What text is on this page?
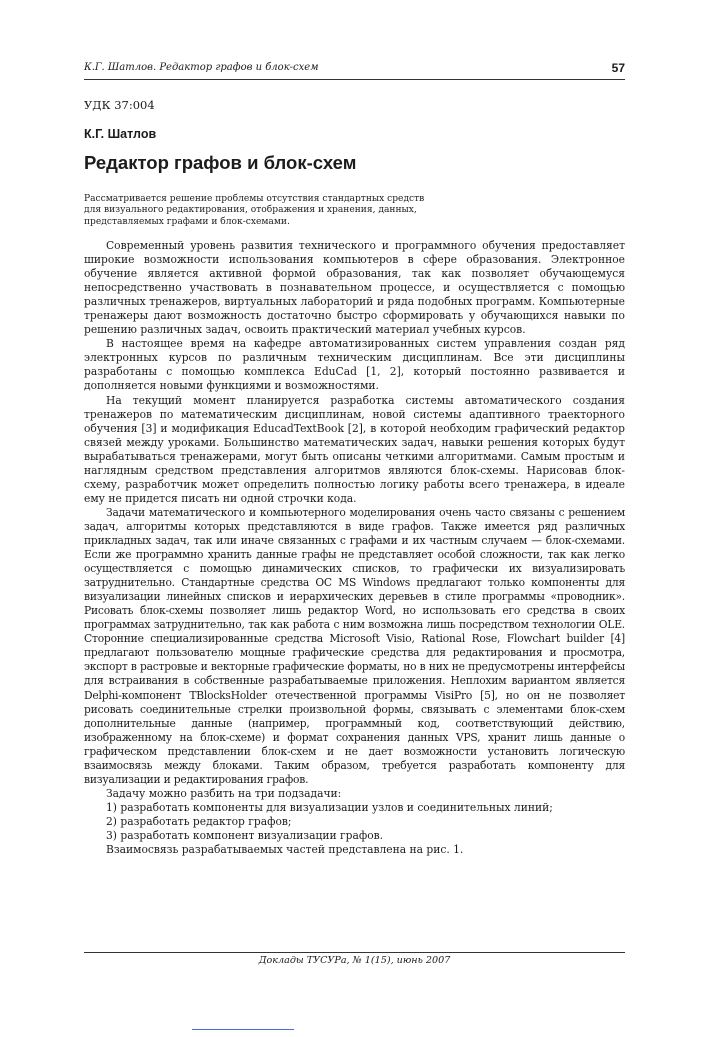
К.Г. Шатлов. Редактор графов и блок-схем	57
УДК 37:004
К.Г. Шатлов
Редактор графов и блок-схем
Рассматривается решение проблемы отсутствия стандартных средств
для визуального редактирования, отображения и хранения, данных,
представляемых графами и блок-схемами.

Современный уровень развития технического и программного обучения предоставляет широкие возможности использования компьютеров в сфере образования. Электронное обучение является активной формой образования, так как позволяет обучающемуся непосредственно участвовать в познавательном процессе, и осуществляется с помощью различных тренажеров, виртуальных лабораторий и ряда подобных программ. Компьютерные тренажеры дают возможность достаточно быстро сформировать у обучающихся навыки по решению различных задач, освоить практический материал учебных курсов.

В настоящее время на кафедре автоматизированных систем управления создан ряд электронных курсов по различным техническим дисциплинам. Все эти дисциплины разработаны с помощью комплекса EduCad [1, 2], который постоянно развивается и дополняется новыми функциями и возможностями.

На текущий момент планируется разработка системы автоматического создания тренажеров по математическим дисциплинам, новой системы адаптивного траекторного обучения [3] и модификация EducadTextBook [2], в которой необходим графический редактор связей между уроками. Большинство математических задач, навыки решения которых будут вырабатываться тренажерами, могут быть описаны четкими алгоритмами. Самым простым и наглядным средством представления алгоритмов являются блок-схемы. Нарисовав блок-схему, разработчик может определить полностью логику работы всего тренажера, в идеале ему не придется писать ни одной строчки кода.

Задачи математического и компьютерного моделирования очень часто связаны с решением задач, алгоритмы которых представляются в виде графов. Также имеется ряд различных прикладных задач, так или иначе связанных с графами и их частным случаем — блок-схемами. Если же программно хранить данные графы не представляет особой сложности, так как легко осуществляется с помощью динамических списков, то графически их визуализировать затруднительно. Стандартные средства ОС MS Windows предлагают только компоненты для визуализации линейных списков и иерархических деревьев в стиле программы «проводник». Рисовать блок-схемы позволяет лишь редактор Word, но использовать его средства в своих программах затруднительно, так как работа с ним возможна лишь посредством технологии OLE. Сторонние специализированные средства Microsoft Visio, Rational Rose, Flowchart builder [4] предлагают пользователю мощные графические средства для редактирования и просмотра, экспорт в растровые и векторные графические форматы, но в них не предусмотрены интерфейсы для встраивания в собственные разрабатываемые приложения. Неплохим вариантом является Delphi-компонент TBlocksHolder отечественной программы VisiPro [5], но он не позволяет рисовать соединительные стрелки произвольной формы, связывать с элементами блок-схем дополнительные данные (например, программный код, соответствующий действию, изображенному на блок-схеме) и формат сохранения данных VPS, хранит лишь данные о графическом представлении блок-схем и не дает возможности установить логическую взаимосвязь между блоками. Таким образом, требуется разработать компоненту для визуализации и редактирования графов.

Задачу можно разбить на три подзадачи:

1) разработать компоненты для визуализации узлов и соединительных линий;

2) разработать редактор графов;

3) разработать компонент визуализации графов.

Взаимосвязь разрабатываемых частей представлена на рис. 1.

Доклады ТУСУРа, № 1(15), июнь 2007
